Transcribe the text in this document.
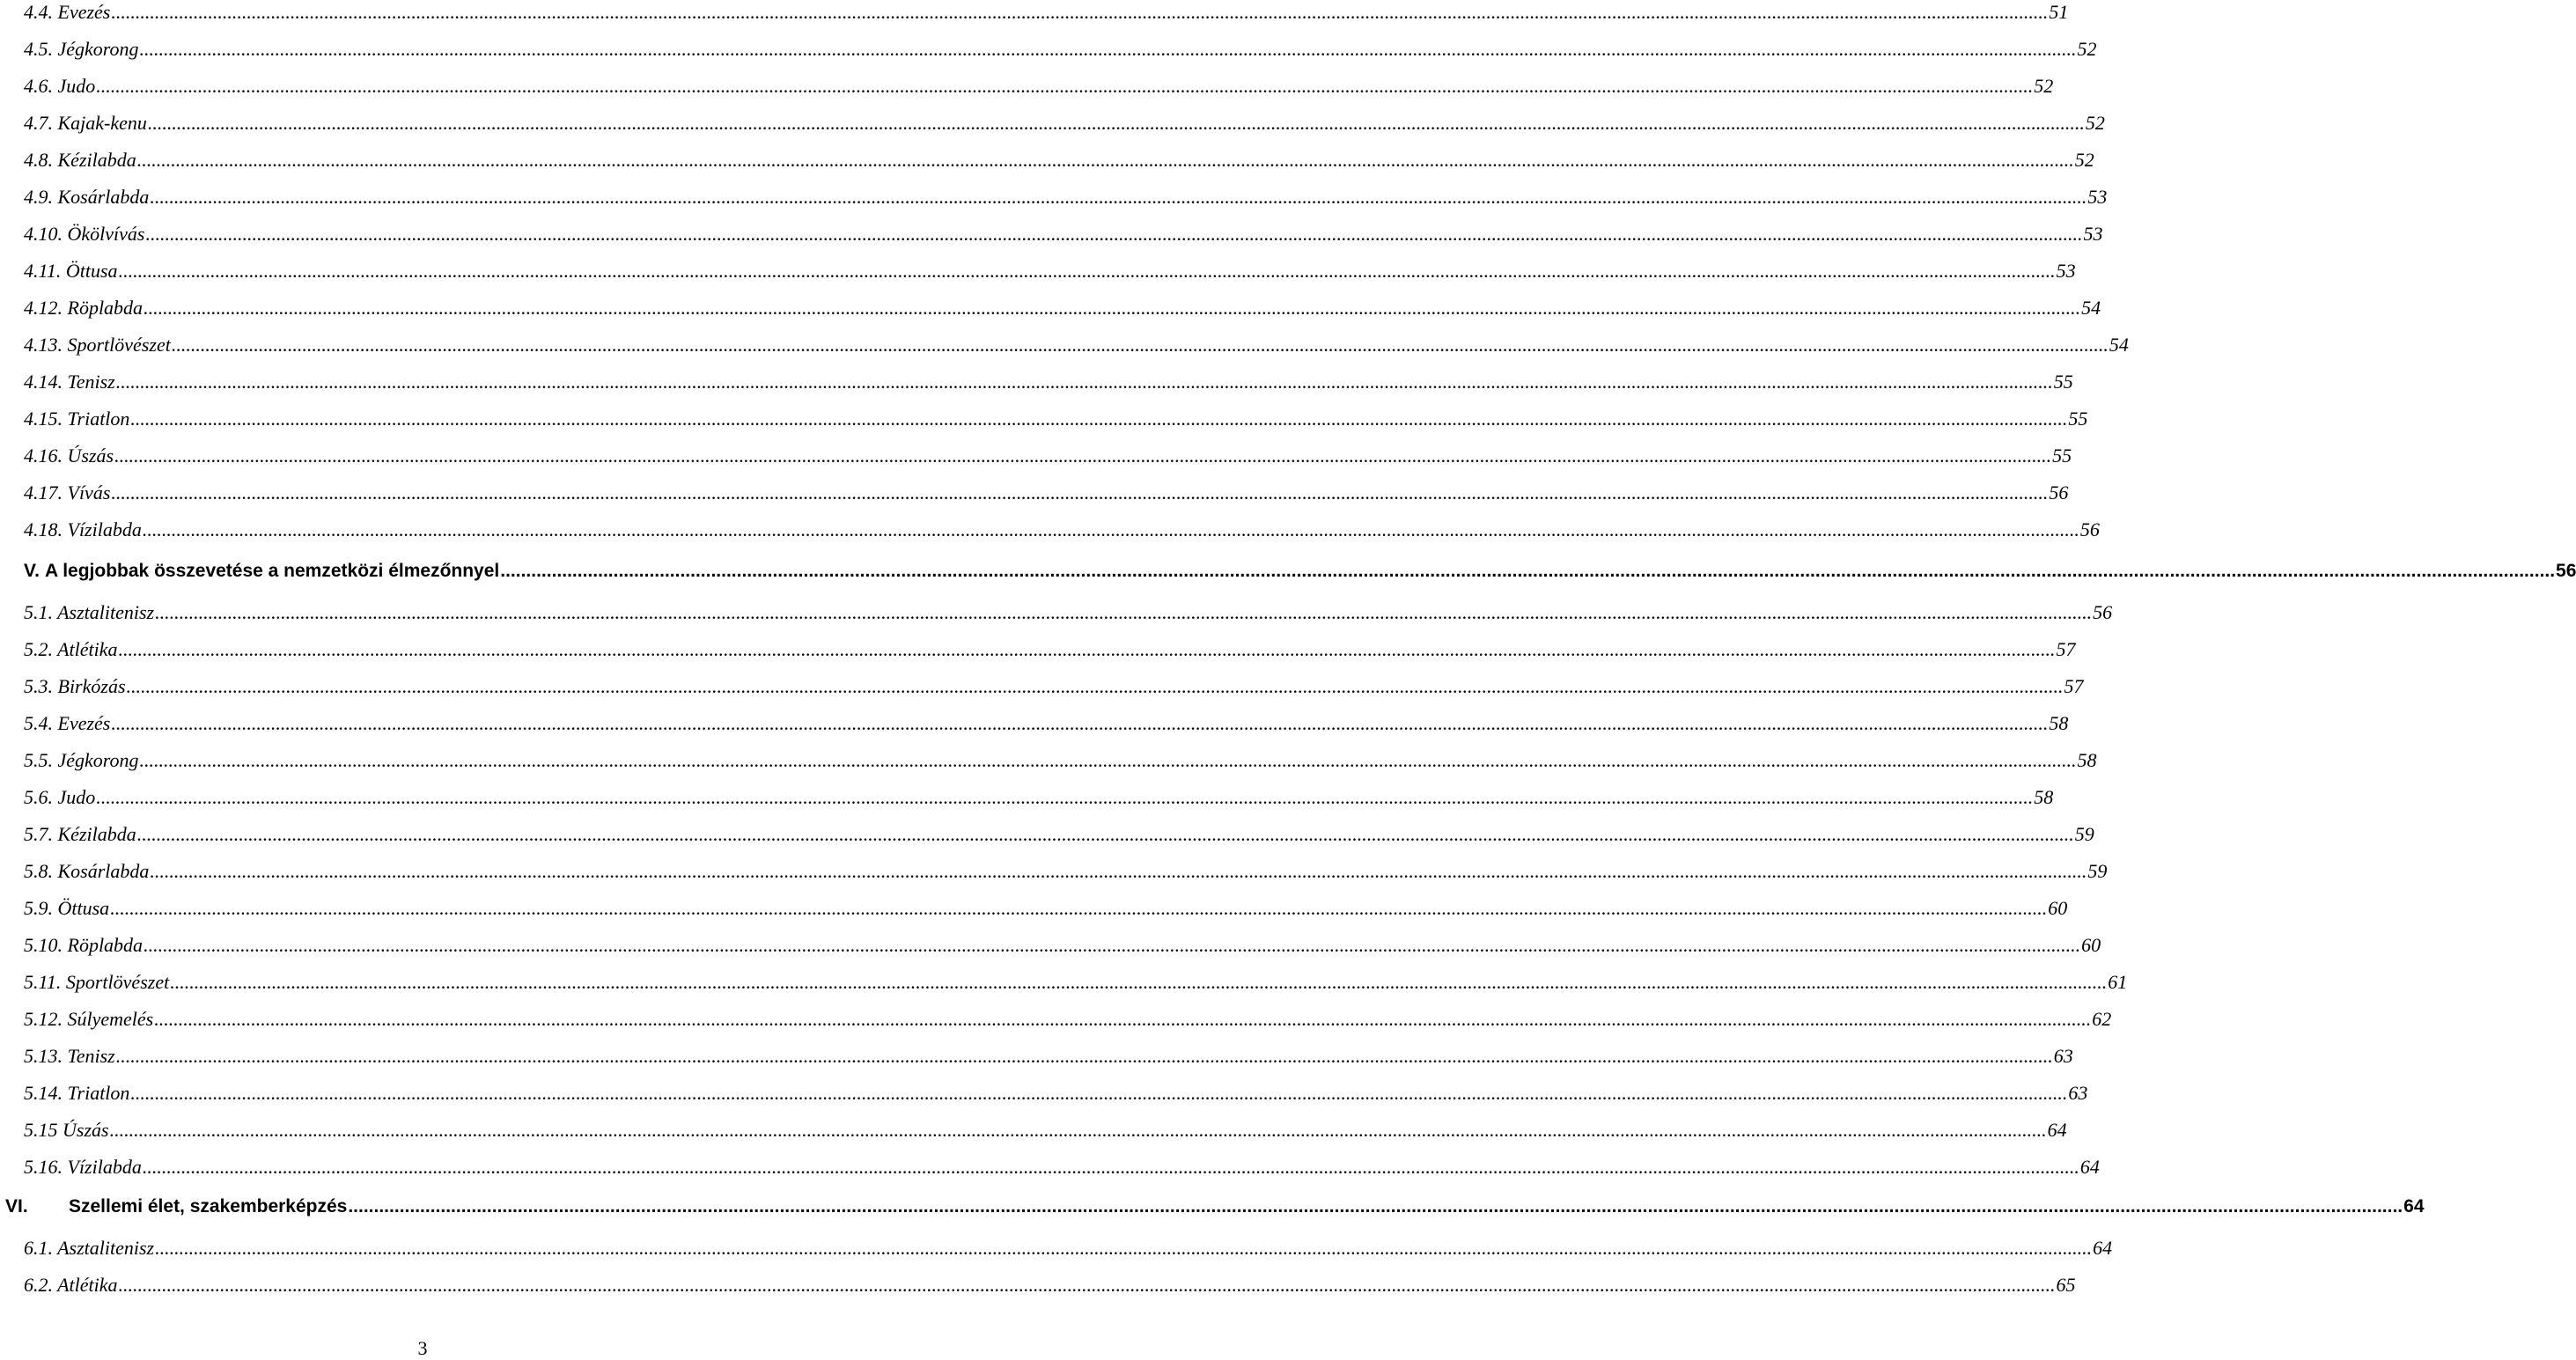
4.4. Evezés ................................................................................................................................................................................................................................................................................................................................................................................................................ 51
4.5. Jégkorong ................................................................................................................................................................................................................................................................................................................................................................................................................ 52
4.6. Judo ................................................................................................................................................................................................................................................................................................................................................................................................................ 52
4.7. Kajak-kenu ................................................................................................................................................................................................................................................................................................................................................................................................................ 52
4.8. Kézilabda ................................................................................................................................................................................................................................................................................................................................................................................................................ 52
4.9. Kosárlabda ................................................................................................................................................................................................................................................................................................................................................................................................................ 53
4.10. Ökölvívás ................................................................................................................................................................................................................................................................................................................................................................................................................ 53
4.11. Öttusa ................................................................................................................................................................................................................................................................................................................................................................................................................ 53
4.12. Röplabda ................................................................................................................................................................................................................................................................................................................................................................................................................ 54
4.13. Sportlövészet ................................................................................................................................................................................................................................................................................................................................................................................................................ 54
4.14. Tenisz ................................................................................................................................................................................................................................................................................................................................................................................................................ 55
4.15. Triatlon ................................................................................................................................................................................................................................................................................................................................................................................................................ 55
4.16. Úszás ................................................................................................................................................................................................................................................................................................................................................................................................................ 55
4.17. Vívás ................................................................................................................................................................................................................................................................................................................................................................................................................ 56
4.18. Vízilabda ................................................................................................................................................................................................................................................................................................................................................................................................................ 56
V. A legjobbak összevetése a nemzetközi élmezőnnyel ................................................................................................................................................................................................................................................................................................................................................................................................................ 56
5.1. Asztalitenisz ................................................................................................................................................................................................................................................................................................................................................................................................................ 56
5.2. Atlétika ................................................................................................................................................................................................................................................................................................................................................................................................................ 57
5.3. Birkózás ................................................................................................................................................................................................................................................................................................................................................................................................................ 57
5.4. Evezés ................................................................................................................................................................................................................................................................................................................................................................................................................ 58
5.5. Jégkorong ................................................................................................................................................................................................................................................................................................................................................................................................................ 58
5.6. Judo ................................................................................................................................................................................................................................................................................................................................................................................................................ 58
5.7. Kézilabda ................................................................................................................................................................................................................................................................................................................................................................................................................ 59
5.8. Kosárlabda ................................................................................................................................................................................................................................................................................................................................................................................................................ 59
5.9. Öttusa ................................................................................................................................................................................................................................................................................................................................................................................................................ 60
5.10. Röplabda ................................................................................................................................................................................................................................................................................................................................................................................................................ 60
5.11. Sportlövészet ................................................................................................................................................................................................................................................................................................................................................................................................................ 61
5.12. Súlyemelés ................................................................................................................................................................................................................................................................................................................................................................................................................ 62
5.13. Tenisz ................................................................................................................................................................................................................................................................................................................................................................................................................ 63
5.14. Triatlon ................................................................................................................................................................................................................................................................................................................................................................................................................ 63
5.15 Úszás ................................................................................................................................................................................................................................................................................................................................................................................................................ 64
5.16. Vízilabda ................................................................................................................................................................................................................................................................................................................................................................................................................ 64
VI. Szellemi élet, szakemberképzés ................................................................................................................................................................................................................................................................................................................................................................................................................ 64
6.1. Asztalitenisz ................................................................................................................................................................................................................................................................................................................................................................................................................ 64
6.2. Atlétika ................................................................................................................................................................................................................................................................................................................................................................................................................ 65
3
